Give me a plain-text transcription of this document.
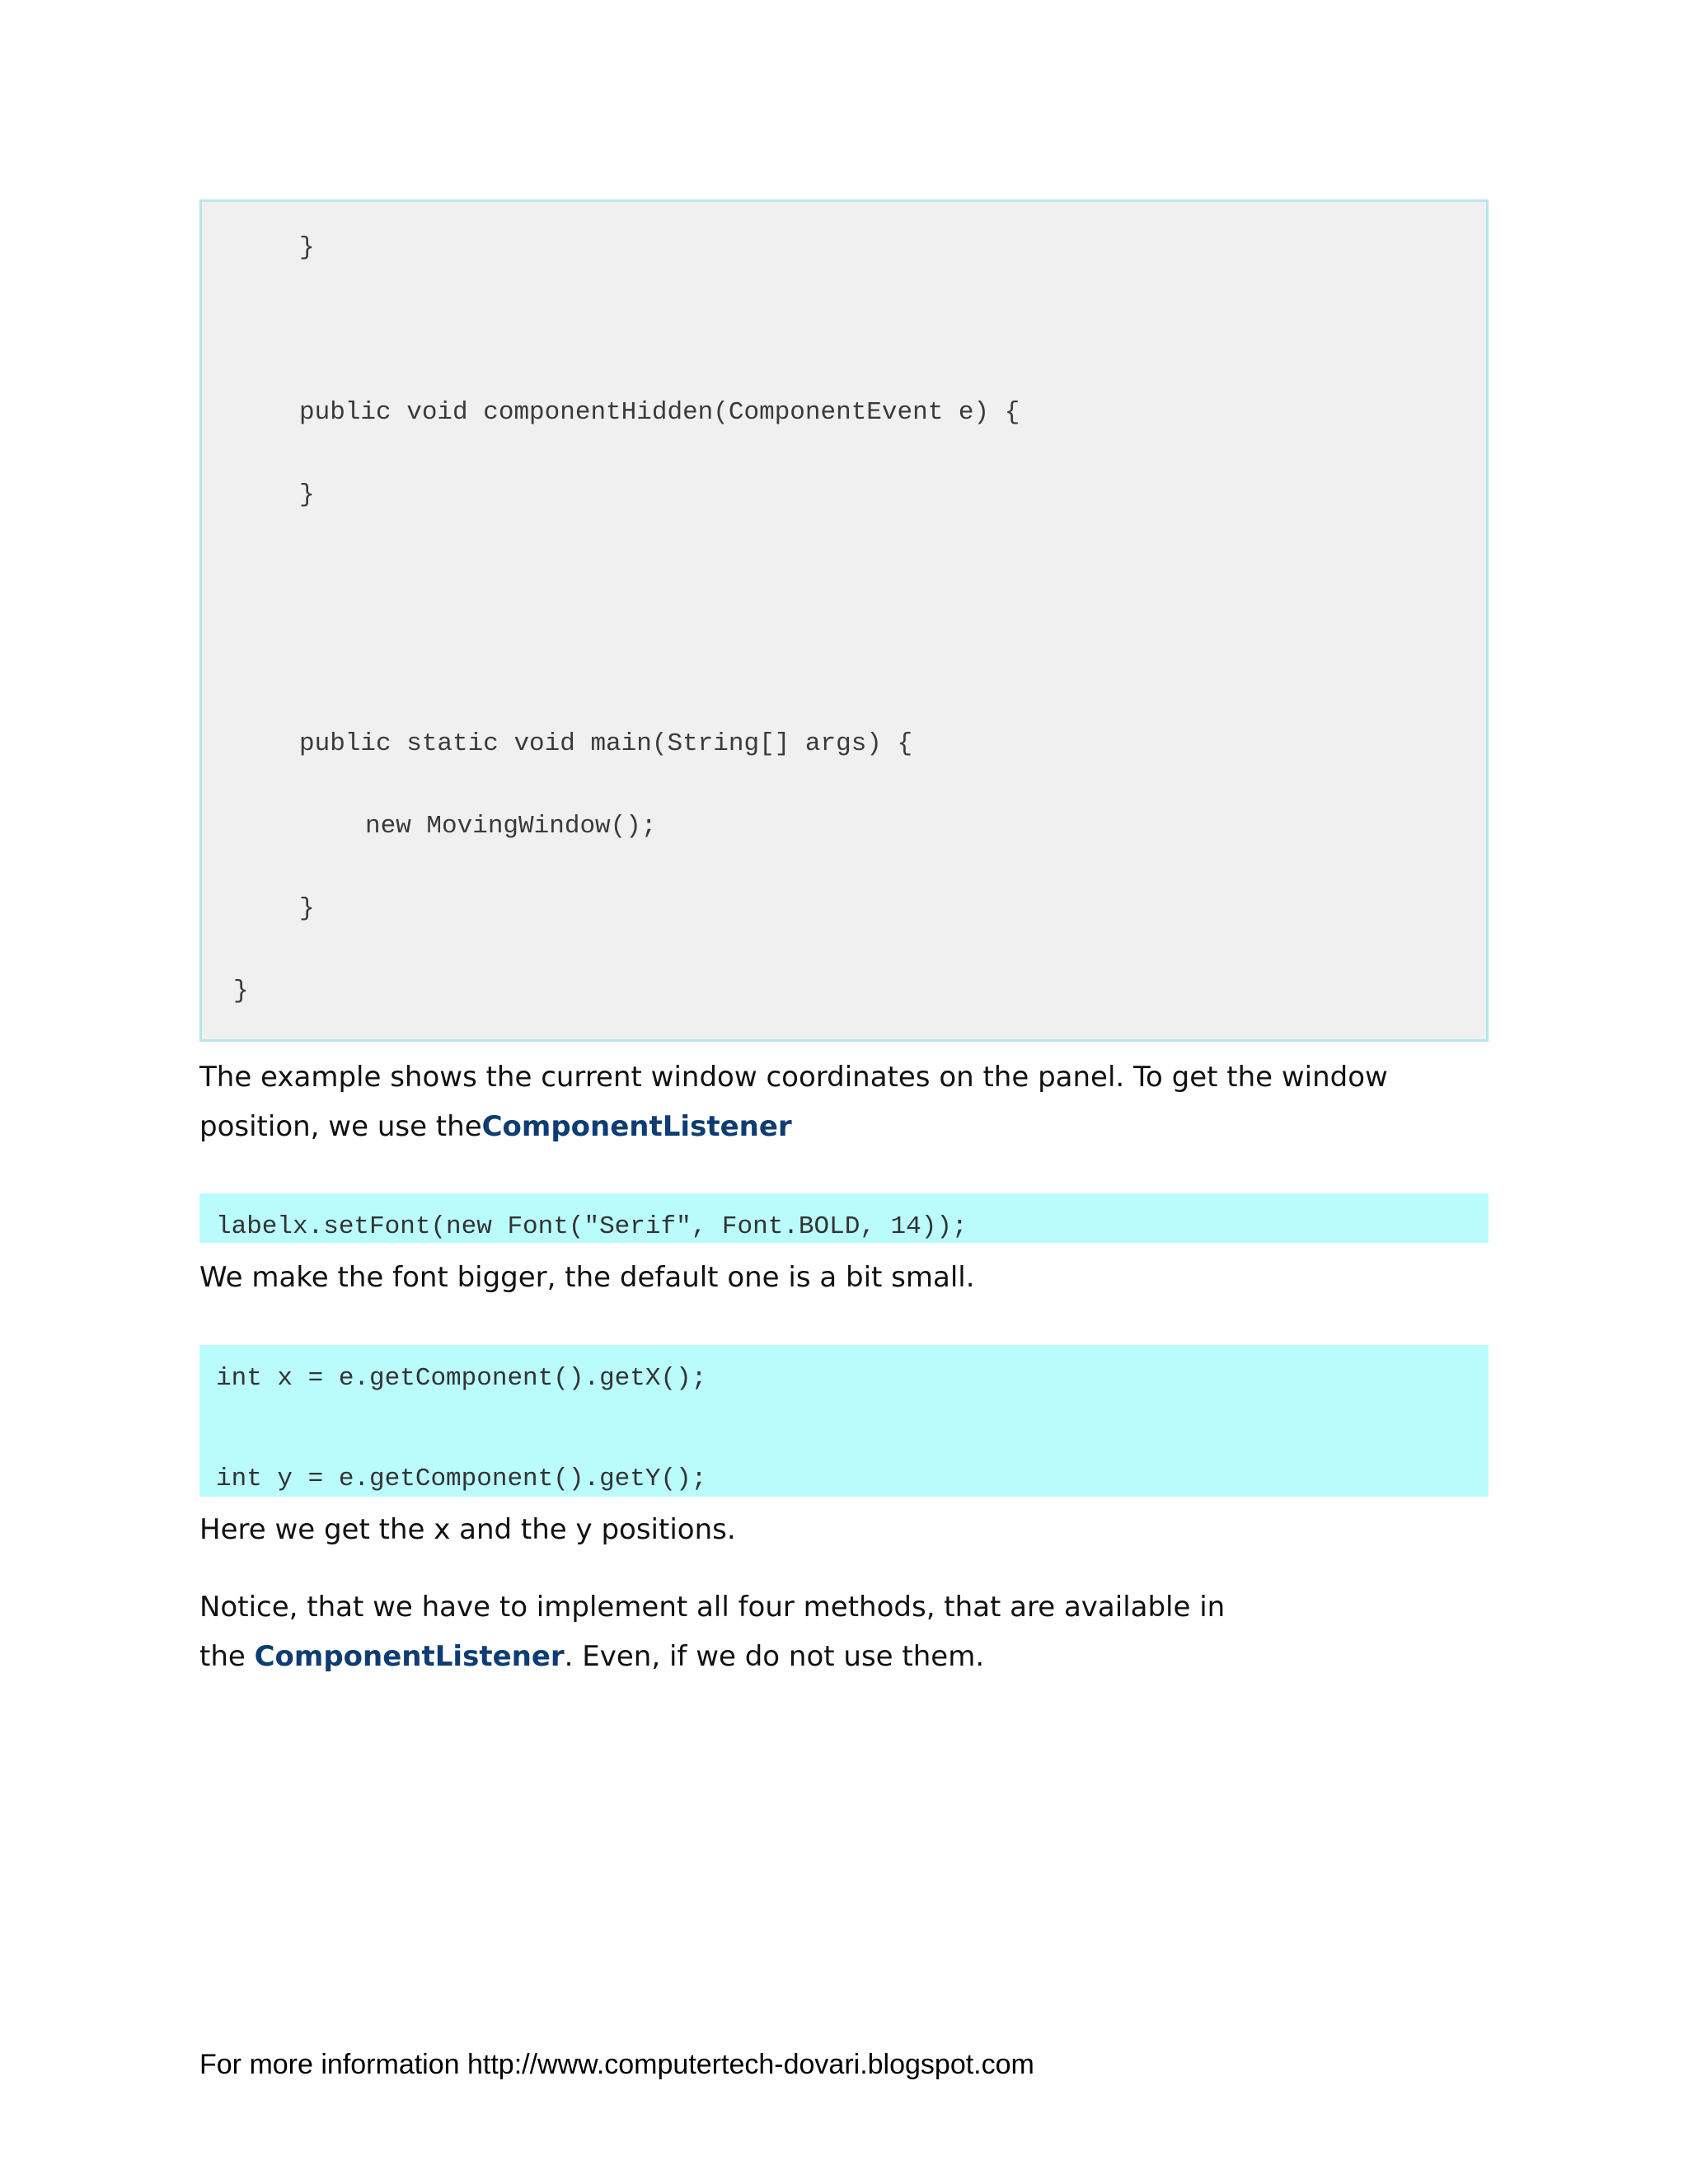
}
public void componentHidden(ComponentEvent e) {
}
public static void main(String[] args) {
new MovingWindow();
}
}
The example shows the current window coordinates on the panel. To get the window
position, we use theComponentListener
labelx.setFont(new Font("Serif", Font.BOLD, 14));
We make the font bigger, the default one is a bit small.
int x = e.getComponent().getX();
int y = e.getComponent().getY();
Here we get the x and the y positions.
Notice, that we have to implement all four methods, that are available in
the ComponentListener. Even, if we do not use them.
For more information http://www.computertech-dovari.blogspot.com
